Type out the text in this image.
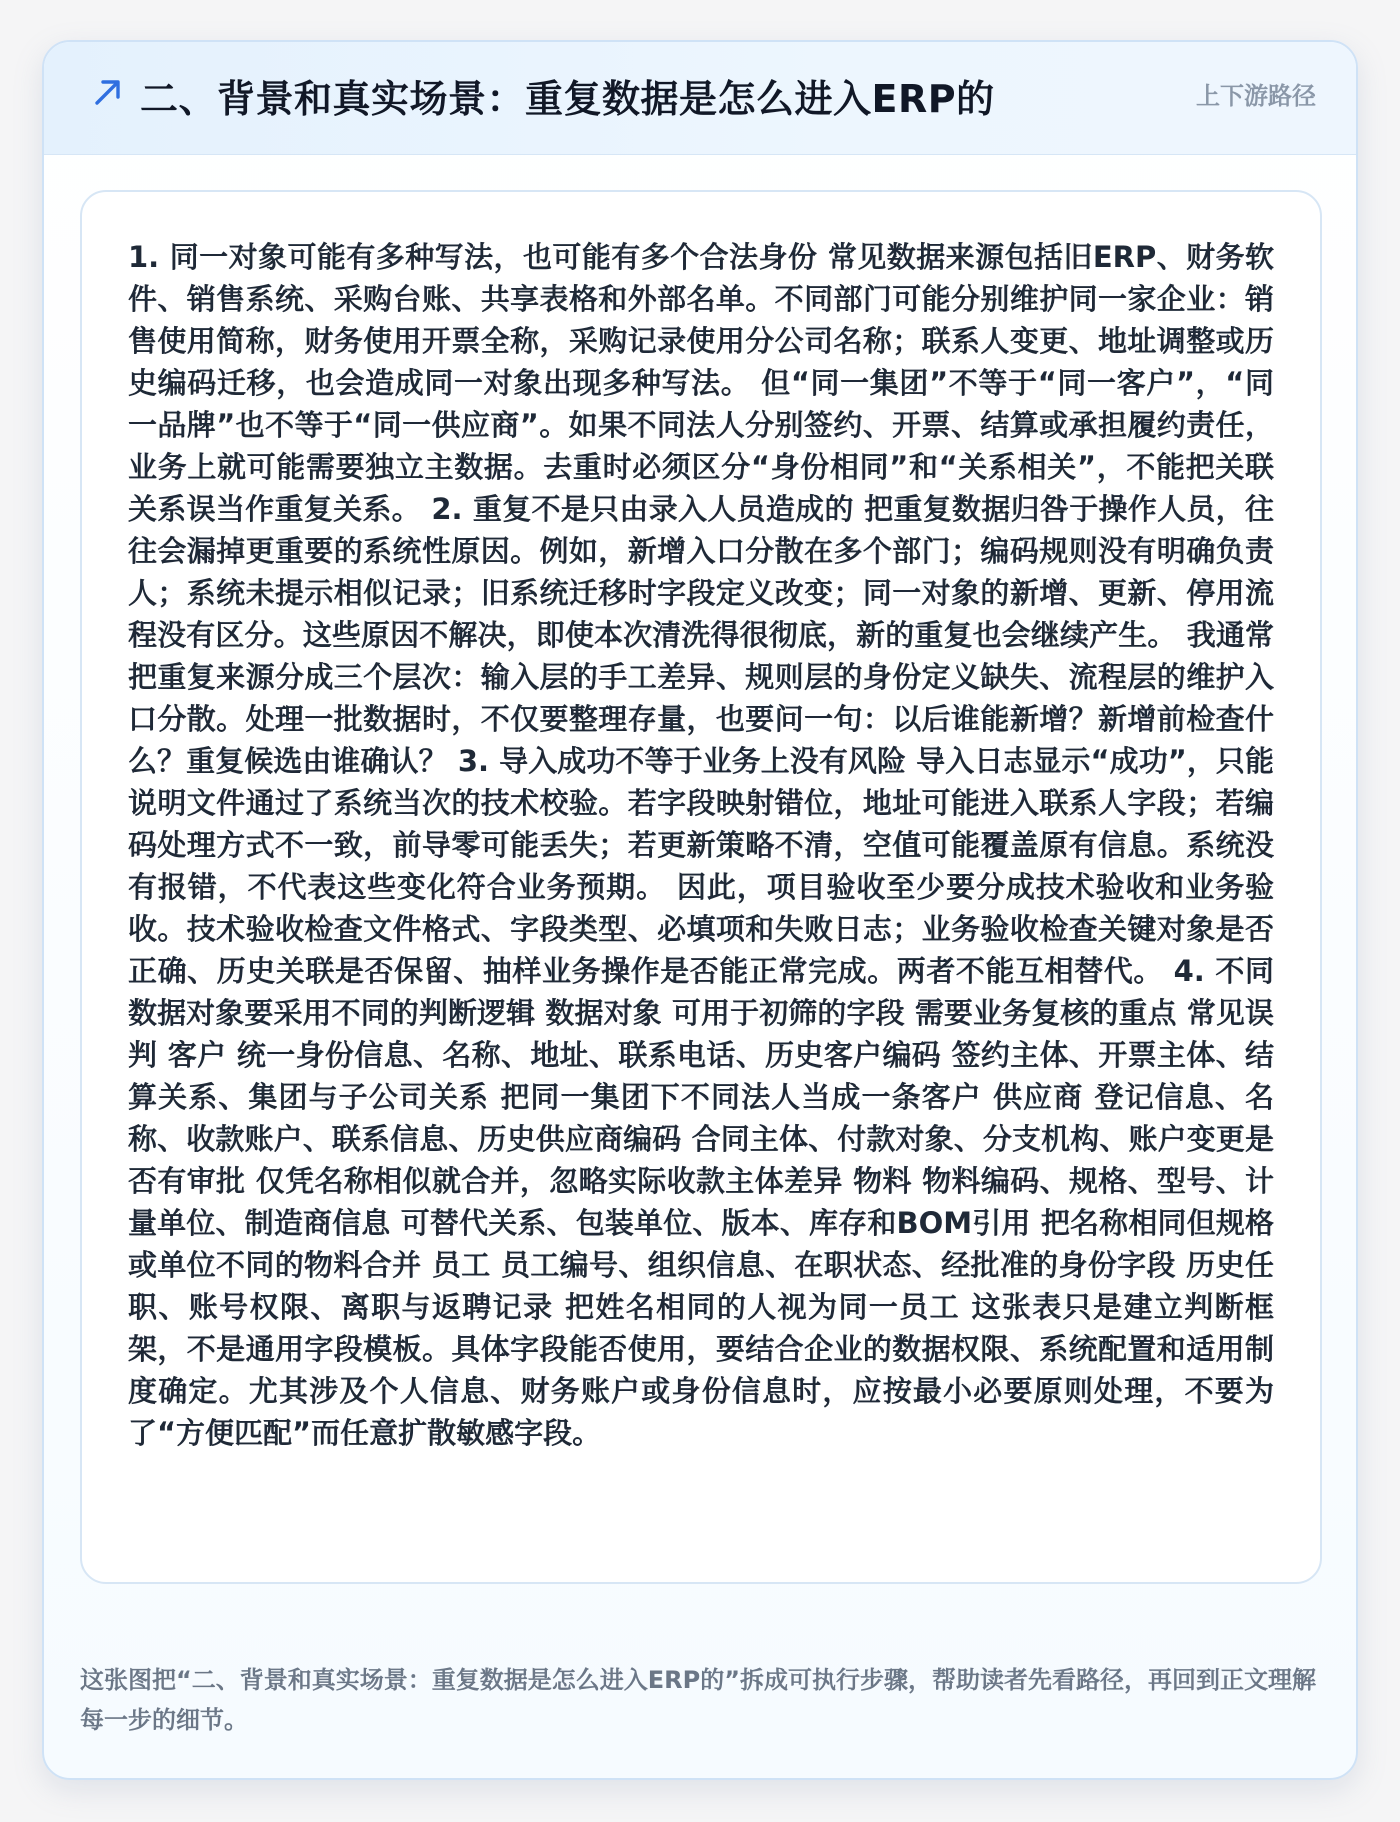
二、背景和真实场景：重复数据是怎么进入ERP的	上下游路径

1. 同一对象可能有多种写法，也可能有多个合法身份 常见数据来源包括旧ERP、财务软件、销售系统、采购台账、共享表格和外部名单。不同部门可能分别维护同一家企业：销售使用简称，财务使用开票全称，采购记录使用分公司名称；联系人变更、地址调整或历史编码迁移，也会造成同一对象出现多种写法。 但“同一集团”不等于“同一客户”，“同一品牌”也不等于“同一供应商”。如果不同法人分别签约、开票、结算或承担履约责任，业务上就可能需要独立主数据。去重时必须区分“身份相同”和“关系相关”，不能把关联关系误当作重复关系。 2. 重复不是只由录入人员造成的 把重复数据归咎于操作人员，往往会漏掉更重要的系统性原因。例如，新增入口分散在多个部门；编码规则没有明确负责人；系统未提示相似记录；旧系统迁移时字段定义改变；同一对象的新增、更新、停用流程没有区分。这些原因不解决，即使本次清洗得很彻底，新的重复也会继续产生。 我通常把重复来源分成三个层次：输入层的手工差异、规则层的身份定义缺失、流程层的维护入口分散。处理一批数据时，不仅要整理存量，也要问一句：以后谁能新增？新增前检查什么？重复候选由谁确认？ 3. 导入成功不等于业务上没有风险 导入日志显示“成功”，只能说明文件通过了系统当次的技术校验。若字段映射错位，地址可能进入联系人字段；若编码处理方式不一致，前导零可能丢失；若更新策略不清，空值可能覆盖原有信息。系统没有报错，不代表这些变化符合业务预期。 因此，项目验收至少要分成技术验收和业务验收。技术验收检查文件格式、字段类型、必填项和失败日志；业务验收检查关键对象是否正确、历史关联是否保留、抽样业务操作是否能正常完成。两者不能互相替代。 4. 不同数据对象要采用不同的判断逻辑 数据对象 可用于初筛的字段 需要业务复核的重点 常见误判 客户 统一身份信息、名称、地址、联系电话、历史客户编码 签约主体、开票主体、结算关系、集团与子公司关系 把同一集团下不同法人当成一条客户 供应商 登记信息、名称、收款账户、联系信息、历史供应商编码 合同主体、付款对象、分支机构、账户变更是否有审批 仅凭名称相似就合并，忽略实际收款主体差异 物料 物料编码、规格、型号、计量单位、制造商信息 可替代关系、包装单位、版本、库存和BOM引用 把名称相同但规格或单位不同的物料合并 员工 员工编号、组织信息、在职状态、经批准的身份字段 历史任职、账号权限、离职与返聘记录 把姓名相同的人视为同一员工 这张表只是建立判断框架，不是通用字段模板。具体字段能否使用，要结合企业的数据权限、系统配置和适用制度确定。尤其涉及个人信息、财务账户或身份信息时，应按最小必要原则处理，不要为了“方便匹配”而任意扩散敏感字段。

这张图把“二、背景和真实场景：重复数据是怎么进入ERP的”拆成可执行步骤，帮助读者先看路径，再回到正文理解每一步的细节。
